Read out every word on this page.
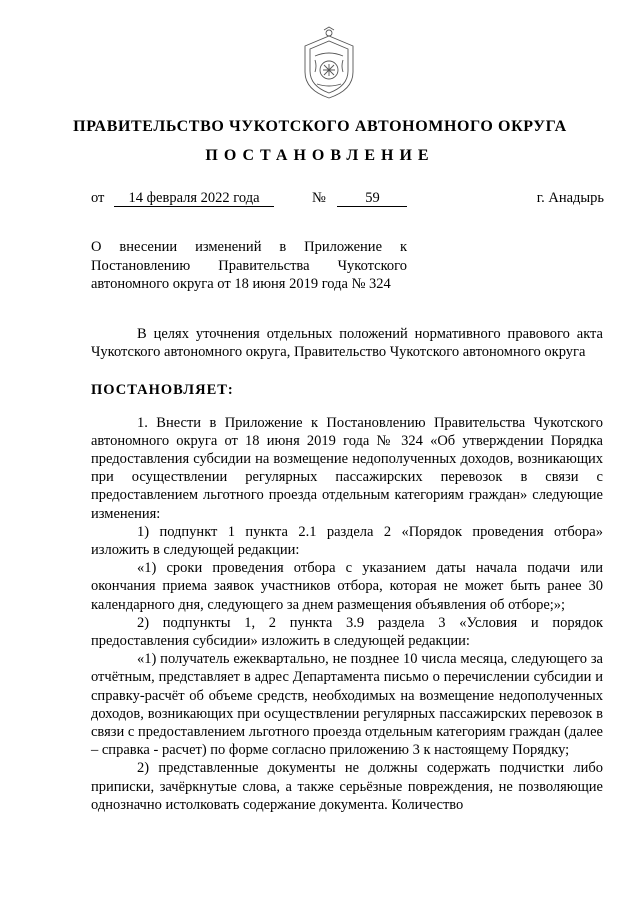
ПРАВИТЕЛЬСТВО ЧУКОТСКОГО АВТОНОМНОГО ОКРУГА
ПОСТАНОВЛЕНИЕ
от 14 февраля 2022 года	№	59	г. Анадырь
О внесении изменений в Приложение к Постановлению Правительства Чукотского автономного округа от 18 июня 2019 года № 324

В целях уточнения отдельных положений нормативного правового акта Чукотского автономного округа, Правительство Чукотского автономного округа

ПОСТАНОВЛЯЕТ:

1. Внести в Приложение к Постановлению Правительства Чукотского автономного округа от 18 июня 2019 года № 324 «Об утверждении Порядка предоставления субсидии на возмещение недополученных доходов, возникающих при осуществлении регулярных пассажирских перевозок в связи с предоставлением льготного проезда отдельным категориям граждан» следующие изменения:

1) подпункт 1 пункта 2.1 раздела 2 «Порядок проведения отбора» изложить в следующей редакции:

«1) сроки проведения отбора с указанием даты начала подачи или окончания приема заявок участников отбора, которая не может быть ранее 30 календарного дня, следующего за днем размещения объявления об отборе;»;

2) подпункты 1, 2 пункта 3.9 раздела 3 «Условия и порядок предоставления субсидии» изложить в следующей редакции:

«1) получатель ежеквартально, не позднее 10 числа месяца, следующего за отчётным, представляет в адрес Департамента письмо о перечислении субсидии и справку-расчёт об объеме средств, необходимых на возмещение недополученных доходов, возникающих при осуществлении регулярных пассажирских перевозок в связи с предоставлением льготного проезда отдельным категориям граждан (далее – справка - расчет) по форме согласно приложению 3 к настоящему Порядку;

2) представленные документы не должны содержать подчистки либо приписки, зачёркнутые слова, а также серьёзные повреждения, не позволяющие однозначно истолковать содержание документа. Количество
